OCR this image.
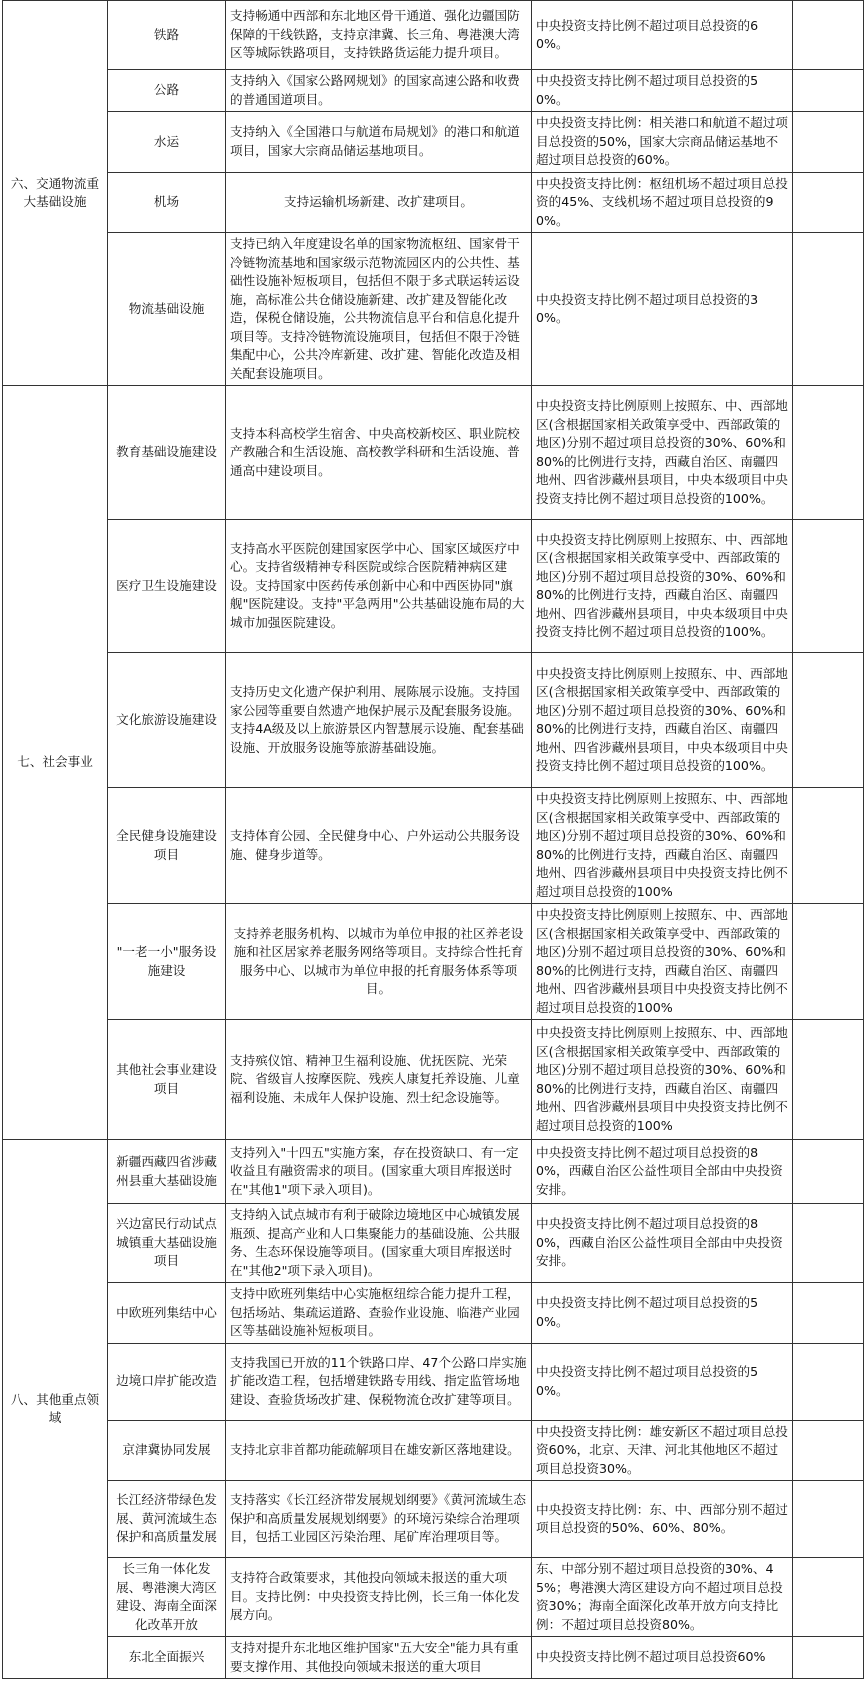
六、交通物流重大基础设施	铁路	支持畅通中西部和东北地区骨干通道、强化边疆国防保障的干线铁路，支持京津冀、长三角、粤港澳大湾区等城际铁路项目，支持铁路货运能力提升项目。	中央投资支持比例不超过项目总投资的60%。	
	公路	支持纳入《国家公路网规划》的国家高速公路和收费的普通国道项目。	中央投资支持比例不超过项目总投资的50%。	
	水运	支持纳入《全国港口与航道布局规划》的港口和航道项目，国家大宗商品储运基地项目。	中央投资支持比例：相关港口和航道不超过项目总投资的50%，国家大宗商品储运基地不超过项目总投资的60%。	
	机场	支持运输机场新建、改扩建项目。	中央投资支持比例：枢纽机场不超过项目总投资的45%、支线机场不超过项目总投资的90%。	
	物流基础设施	支持已纳入年度建设名单的国家物流枢纽、国家骨干冷链物流基地和国家级示范物流园区内的公共性、基础性设施补短板项目，包括但不限于多式联运转运设施，高标准公共仓储设施新建、改扩建及智能化改造，保税仓储设施，公共物流信息平台和信息化提升项目等。支持冷链物流设施项目，包括但不限于冷链集配中心，公共冷库新建、改扩建、智能化改造及相关配套设施项目。	中央投资支持比例不超过项目总投资的30%。	
七、社会事业	教育基础设施建设	支持本科高校学生宿舍、中央高校新校区、职业院校产教融合和生活设施、高校教学科研和生活设施、普通高中建设项目。	中央投资支持比例原则上按照东、中、西部地区(含根据国家相关政策享受中、西部政策的地区)分别不超过项目总投资的30%、60%和80%的比例进行支持，西藏自治区、南疆四地州、四省涉藏州县项目，中央本级项目中央投资支持比例不超过项目总投资的100%。	
	医疗卫生设施建设	支持高水平医院创建国家医学中心、国家区域医疗中心。支持省级精神专科医院或综合医院精神病区建设。支持国家中医药传承创新中心和中西医协同"旗舰"医院建设。支持"平急两用"公共基础设施布局的大城市加强医院建设。	中央投资支持比例原则上按照东、中、西部地区(含根据国家相关政策享受中、西部政策的地区)分别不超过项目总投资的30%、60%和80%的比例进行支持，西藏自治区、南疆四地州、四省涉藏州县项目，中央本级项目中央投资支持比例不超过项目总投资的100%。	
	文化旅游设施建设	支持历史文化遗产保护利用、展陈展示设施。支持国家公园等重要自然遗产地保护展示及配套服务设施。支持4A级及以上旅游景区内智慧展示设施、配套基础设施、开放服务设施等旅游基础设施。	中央投资支持比例原则上按照东、中、西部地区(含根据国家相关政策享受中、西部政策的地区)分别不超过项目总投资的30%、60%和80%的比例进行支持，西藏自治区、南疆四地州、四省涉藏州县项目，中央本级项目中央投资支持比例不超过项目总投资的100%。	
	全民健身设施建设项目	支持体育公园、全民健身中心、户外运动公共服务设施、健身步道等。	中央投资支持比例原则上按照东、中、西部地区(含根据国家相关政策享受中、西部政策的地区)分别不超过项目总投资的30%、60%和80%的比例进行支持，西藏自治区、南疆四地州、四省涉藏州县项目中央投资支持比例不超过项目总投资的100%	
	"一老一小"服务设施建设	支持养老服务机构、以城市为单位申报的社区养老设施和社区居家养老服务网络等项目。支持综合性托育服务中心、以城市为单位申报的托育服务体系等项目。	中央投资支持比例原则上按照东、中、西部地区(含根据国家相关政策享受中、西部政策的地区)分别不超过项目总投资的30%、60%和80%的比例进行支持，西藏自治区、南疆四地州、四省涉藏州县项目中央投资支持比例不超过项目总投资的100%	
	其他社会事业建设项目	支持殡仪馆、精神卫生福利设施、优抚医院、光荣院、省级盲人按摩医院、残疾人康复托养设施、儿童福利设施、未成年人保护设施、烈士纪念设施等。	中央投资支持比例原则上按照东、中、西部地区(含根据国家相关政策享受中、西部政策的地区)分别不超过项目总投资的30%、60%和80%的比例进行支持，西藏自治区、南疆四地州、四省涉藏州县项目中央投资支持比例不超过项目总投资的100%	
八、其他重点领域	新疆西藏四省涉藏州县重大基础设施	支持列入"十四五"实施方案，存在投资缺口、有一定收益且有融资需求的项目。(国家重大项目库报送时在"其他1"项下录入项目)。	中央投资支持比例不超过项目总投资的80%，西藏自治区公益性项目全部由中央投资安排。	
	兴边富民行动试点城镇重大基础设施项目	支持纳入试点城市有利于破除边境地区中心城镇发展瓶颈、提高产业和人口集聚能力的基础设施、公共服务、生态环保设施等项目。(国家重大项目库报送时在"其他2"项下录入项目)。	中央投资支持比例不超过项目总投资的80%，西藏自治区公益性项目全部由中央投资安排。	
	中欧班列集结中心	支持中欧班列集结中心实施枢纽综合能力提升工程，包括场站、集疏运道路、查验作业设施、临港产业园区等基础设施补短板项目。	中央投资支持比例不超过项目总投资的50%。	
	边境口岸扩能改造	支持我国已开放的11个铁路口岸、47个公路口岸实施扩能改造工程，包括增建铁路专用线、指定监管场地建设、查验货场改扩建、保税物流仓改扩建等项目。	中央投资支持比例不超过项目总投资的50%。	
	京津冀协同发展	支持北京非首都功能疏解项目在雄安新区落地建设。	中央投资支持比例：雄安新区不超过项目总投资60%，北京、天津、河北其他地区不超过项目总投资30%。	
	长江经济带绿色发展、黄河流域生态保护和高质量发展	支持落实《长江经济带发展规划纲要》《黄河流域生态保护和高质量发展规划纲要》的环境污染综合治理项目，包括工业园区污染治理、尾矿库治理项目等。	中央投资支持比例：东、中、西部分别不超过项目总投资的50%、60%、80%。	
	长三角一体化发展、粤港澳大湾区建设、海南全面深化改革开放	支持符合政策要求，其他投向领域未报送的重大项目。支持比例：中央投资支持比例，长三角一体化发展方向。	东、中部分别不超过项目总投资的30%、45%；粤港澳大湾区建设方向不超过项目总投资30%；海南全面深化改革开放方向支持比例：不超过项目总投资80%。	
	东北全面振兴	支持对提升东北地区维护国家"五大安全"能力具有重要支撑作用、其他投向领域未报送的重大项目	中央投资支持比例不超过项目总投资60%	
